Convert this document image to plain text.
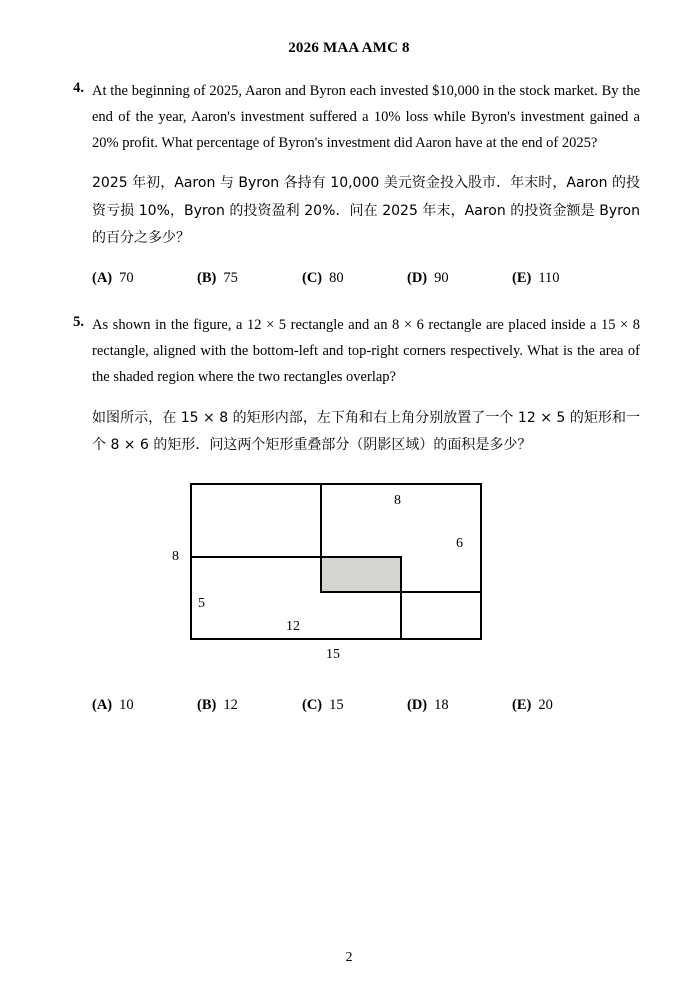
2026 MAA AMC 8
4. At the beginning of 2025, Aaron and Byron each invested $10,000 in the stock market. By the end of the year, Aaron's investment suffered a 10% loss while Byron's investment gained a 20% profit. What percentage of Byron's investment did Aaron have at the end of 2025?
2025 年初，Aaron 与 Byron 各持有 10,000 美元资金投入股市．年末时，Aaron 的投资亏损 10%，Byron 的投资盈利 20%．问在 2025 年末，Aaron 的投资金额是 Byron 的百分之多少？
(A) 70	(B) 75	(C) 80	(D) 90	(E) 110
5. As shown in the figure, a 12 × 5 rectangle and an 8 × 6 rectangle are placed inside a 15 × 8 rectangle, aligned with the bottom-left and top-right corners respectively. What is the area of the shaded region where the two rectangles overlap?
如图所示，在 15 × 8 的矩形内部，左下角和右上角分别放置了一个 12 × 5 的矩形和一个 8 × 6 的矩形．问这两个矩形重叠部分（阴影区域）的面积是多少？
8
6
8
5
12
15
(A) 10	(B) 12	(C) 15	(D) 18	(E) 20
2
